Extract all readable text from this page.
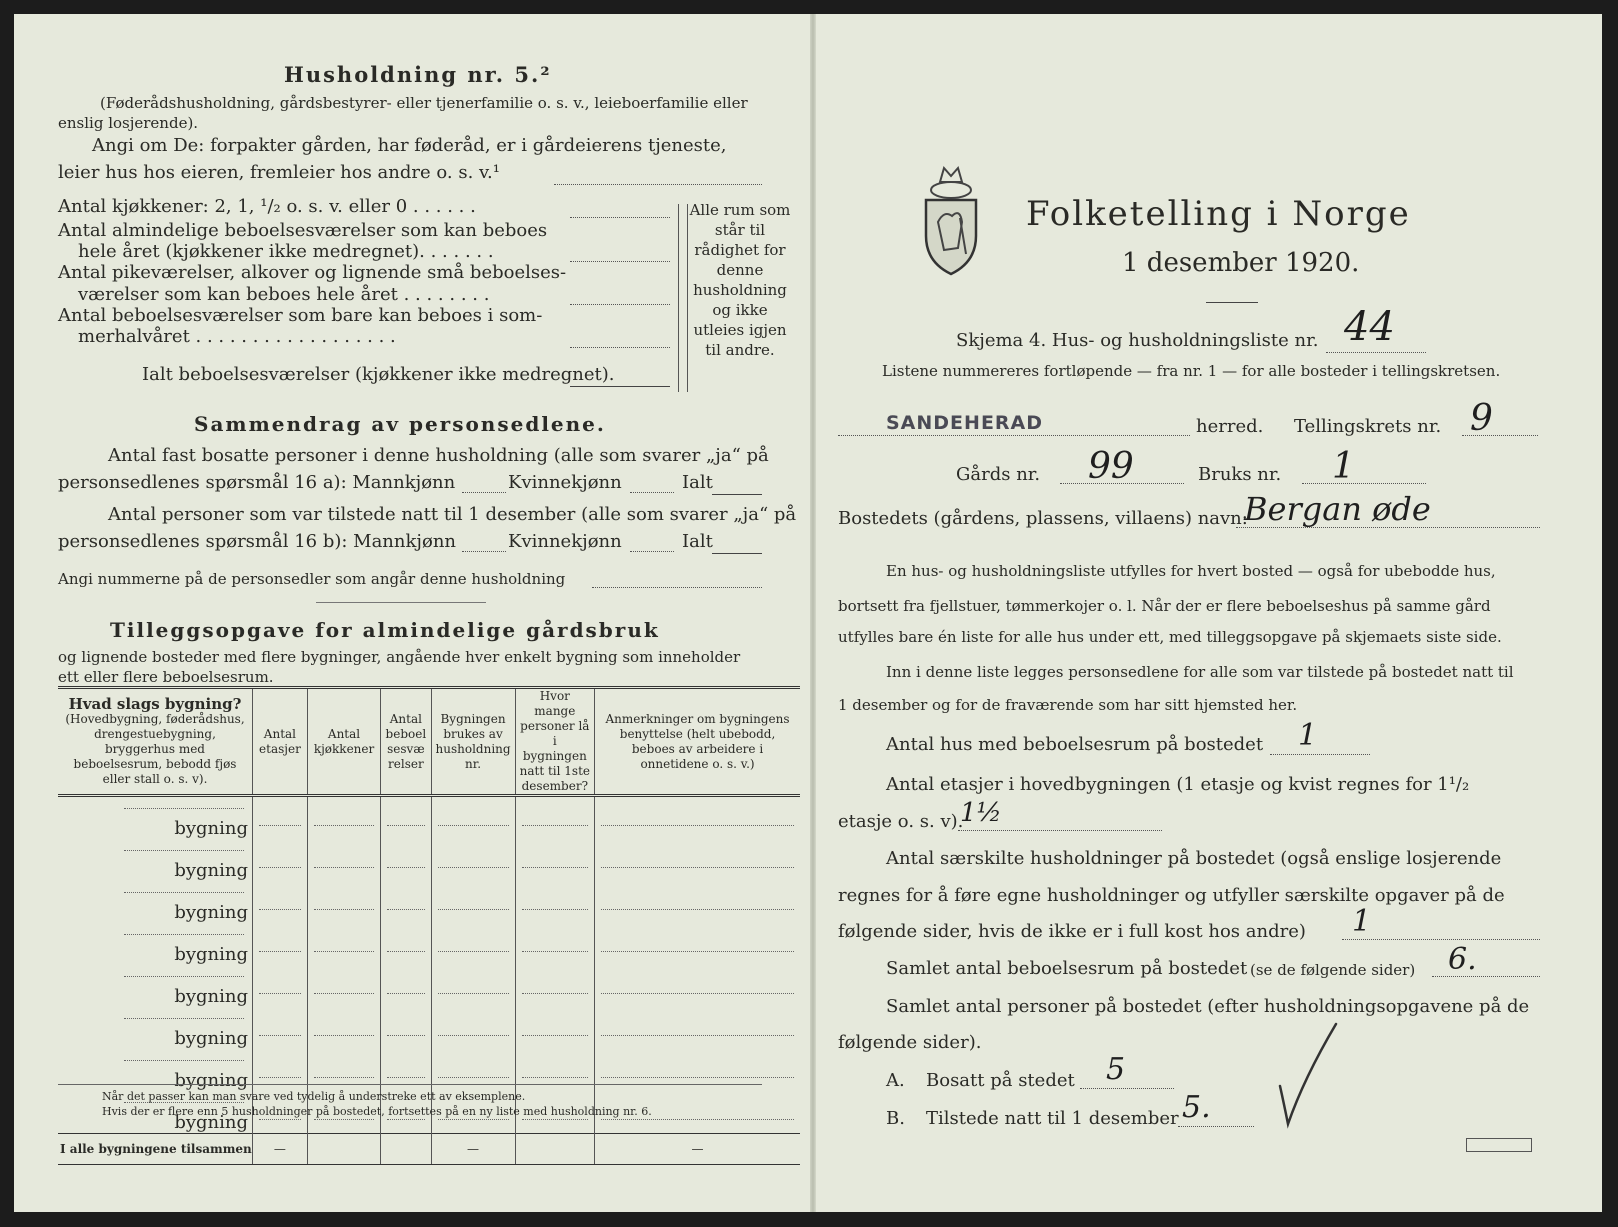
Husholdning nr. 5.²
(Føderådshusholdning, gårdsbestyrer- eller tjenerfamilie o. s. v., leieboerfamilie eller
enslig losjerende).
Angi om De: forpakter gården, har føderåd, er i gårdeierens tjeneste,
leier hus hos eieren, fremleier hos andre o. s. v.¹
Antal kjøkkener: 2, 1, ¹/₂ o. s. v. eller 0 . . . . . .
Antal almindelige beboelsesværelser som kan beboes
hele året (kjøkkener ikke medregnet). . . . . . .
Antal pikeværelser, alkover og lignende små beboelses-
værelser som kan beboes hele året . . . . . . . .
Antal beboelsesværelser som bare kan beboes i som-
merhalvåret . . . . . . . . . . . . . . . . . .
Ialt beboelsesværelser (kjøkkener ikke medregnet).
Alle rum som står til rådighet for denne husholdning og ikke utleies igjen til andre.
Sammendrag av personsedlene.
Antal fast bosatte personer i denne husholdning (alle som svarer „ja“ på
personsedlenes spørsmål 16 a): Mannkjønn	Kvinnekjønn	Ialt
Antal personer som var tilstede natt til 1 desember (alle som svarer „ja“ på
personsedlenes spørsmål 16 b): Mannkjønn	Kvinnekjønn	Ialt
Angi nummerne på de personsedler som angår denne husholdning
Tilleggsopgave for almindelige gårdsbruk
og lignende bosteder med flere bygninger, angående hver enkelt bygning som inneholder
ett eller flere beboelsesrum.
Hvad slags bygning?
(Hovedbygning, føderådshus, drengestuebygning, bryggerhus med beboelsesrum, bebodd fjøs eller stall o. s. v).	Antal etasjer	Antal kjøkkener	Antal beboelsesværelser	Bygningen brukes av husholdning nr.	Hvor mange personer lå i bygningen natt til 1ste desember?	Anmerkninger om bygningens benyttelse (helt ubebodd, beboes av arbeidere i onnetidene o. s. v.)

bygning	

bygning	

bygning	

bygning	

bygning	

bygning	

bygning	

bygning	

I alle bygningene tilsammen	—			—		—
Når det passer kan man svare ved tydelig å understreke ett av eksemplene.
Hvis der er flere enn 5 husholdninger på bostedet, fortsettes på en ny liste med husholdning nr. 6.
Folketelling i Norge
1 desember 1920.
Skjema 4. Hus- og husholdningsliste nr. 44
Listene nummereres fortløpende — fra nr. 1 — for alle bosteder i tellingskretsen.
SANDEHERAD	herred. Tellingskrets nr. 9
Gårds nr. 99	Bruks nr. 1
Bostedets (gårdens, plassens, villaens) navn:
Bergan øde
En hus- og husholdningsliste utfylles for hvert bosted — også for ubebodde hus,
bortsett fra fjellstuer, tømmerkojer o. l. Når der er flere beboelseshus på samme gård
utfylles bare én liste for alle hus under ett, med tilleggsopgave på skjemaets siste side.
Inn i denne liste legges personsedlene for alle som var tilstede på bostedet natt til
1 desember og for de fraværende som har sitt hjemsted her.
Antal hus med beboelsesrum på bostedet 1
Antal etasjer i hovedbygningen (1 etasje og kvist regnes for 1¹/₂
etasje o. s. v).
1½
Antal særskilte husholdninger på bostedet (også enslige losjerende
regnes for å føre egne husholdninger og utfyller særskilte opgaver på de
følgende sider, hvis de ikke er i full kost hos andre) 1
Samlet antal beboelsesrum på bostedet (se de følgende sider) 6.
Samlet antal personer på bostedet (efter husholdningsopgavene på de
følgende sider).
A. Bosatt på stedet 5
B. Tilstede natt til 1 desember 5.
